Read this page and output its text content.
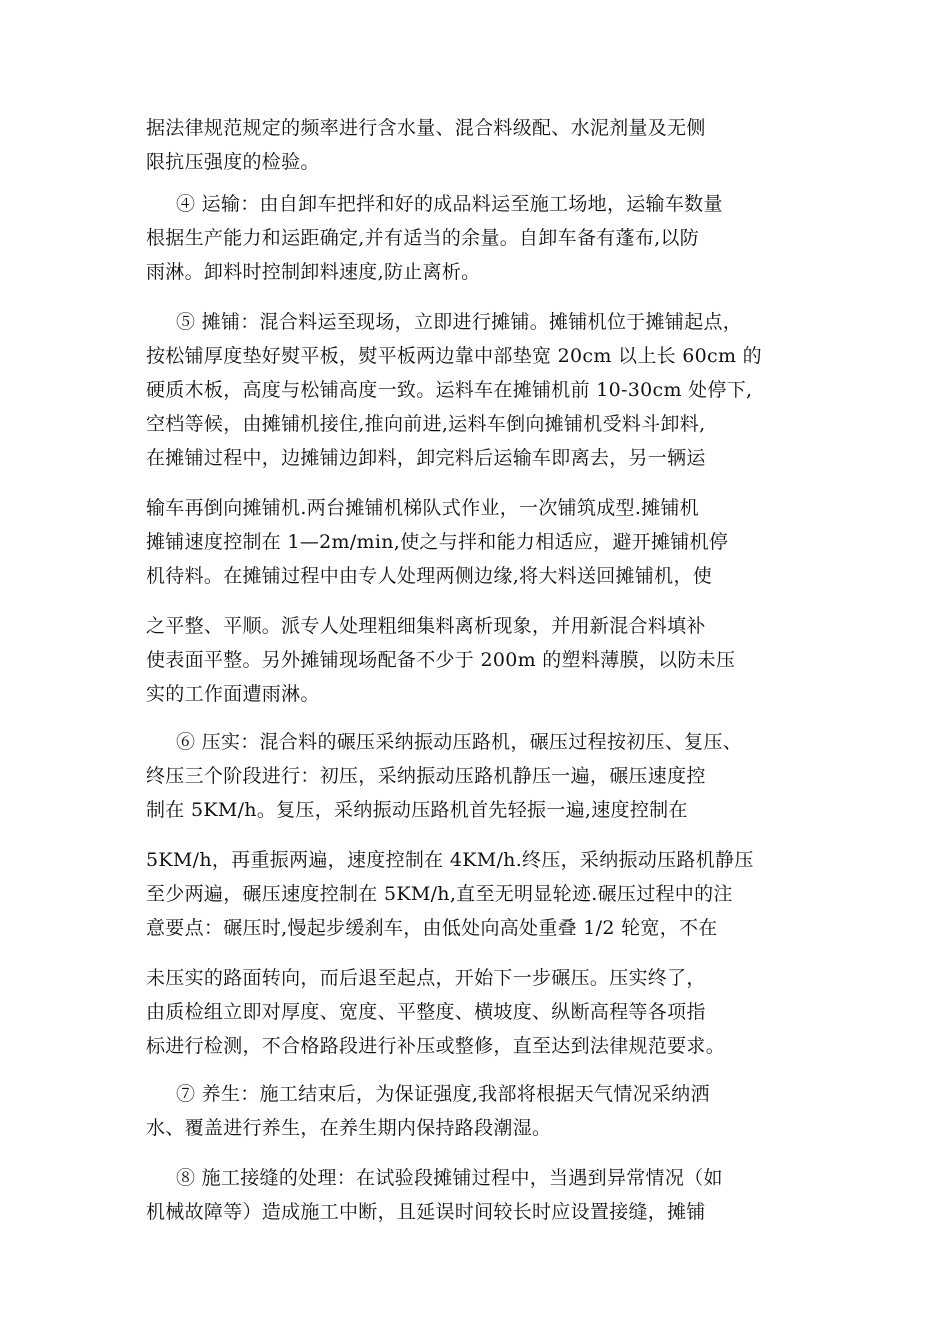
据法律规范规定的频率进行含水量、混合料级配、水泥剂量及无侧
限抗压强度的检验。
④ 运输：由自卸车把拌和好的成品料运至施工场地，运输车数量
根据生产能力和运距确定,并有适当的余量。自卸车备有蓬布,以防
雨淋。卸料时控制卸料速度,防止离析。
⑤ 摊铺：混合料运至现场，立即进行摊铺。摊铺机位于摊铺起点，
按松铺厚度垫好熨平板，熨平板两边靠中部垫宽 20cm 以上长 60cm 的
硬质木板，高度与松铺高度一致。运料车在摊铺机前 10-30cm 处停下,
空档等候，由摊铺机接住,推向前进,运料车倒向摊铺机受料斗卸料,
在摊铺过程中，边摊铺边卸料，卸完料后运输车即离去，另一辆运
输车再倒向摊铺机.两台摊铺机梯队式作业，一次铺筑成型.摊铺机
摊铺速度控制在 1—2m/min,使之与拌和能力相适应，避开摊铺机停
机待料。在摊铺过程中由专人处理两侧边缘,将大料送回摊铺机，使
之平整、平顺。派专人处理粗细集料离析现象，并用新混合料填补
使表面平整。另外摊铺现场配备不少于 200m 的塑料薄膜，以防未压
实的工作面遭雨淋。
⑥ 压实：混合料的碾压采纳振动压路机，碾压过程按初压、复压、
终压三个阶段进行：初压，采纳振动压路机静压一遍，碾压速度控
制在 5KM/h。复压，采纳振动压路机首先轻振一遍,速度控制在
5KM/h，再重振两遍，速度控制在 4KM/h.终压，采纳振动压路机静压
至少两遍，碾压速度控制在 5KM/h,直至无明显轮迹.碾压过程中的注
意要点：碾压时,慢起步缓刹车，由低处向高处重叠 1/2 轮宽，不在
未压实的路面转向，而后退至起点，开始下一步碾压。压实终了，
由质检组立即对厚度、宽度、平整度、横坡度、纵断高程等各项指
标进行检测，不合格路段进行补压或整修，直至达到法律规范要求。
⑦ 养生：施工结束后，为保证强度,我部将根据天气情况采纳洒
水、覆盖进行养生，在养生期内保持路段潮湿。
⑧ 施工接缝的处理：在试验段摊铺过程中，当遇到异常情况（如
机械故障等）造成施工中断，且延误时间较长时应设置接缝，摊铺
